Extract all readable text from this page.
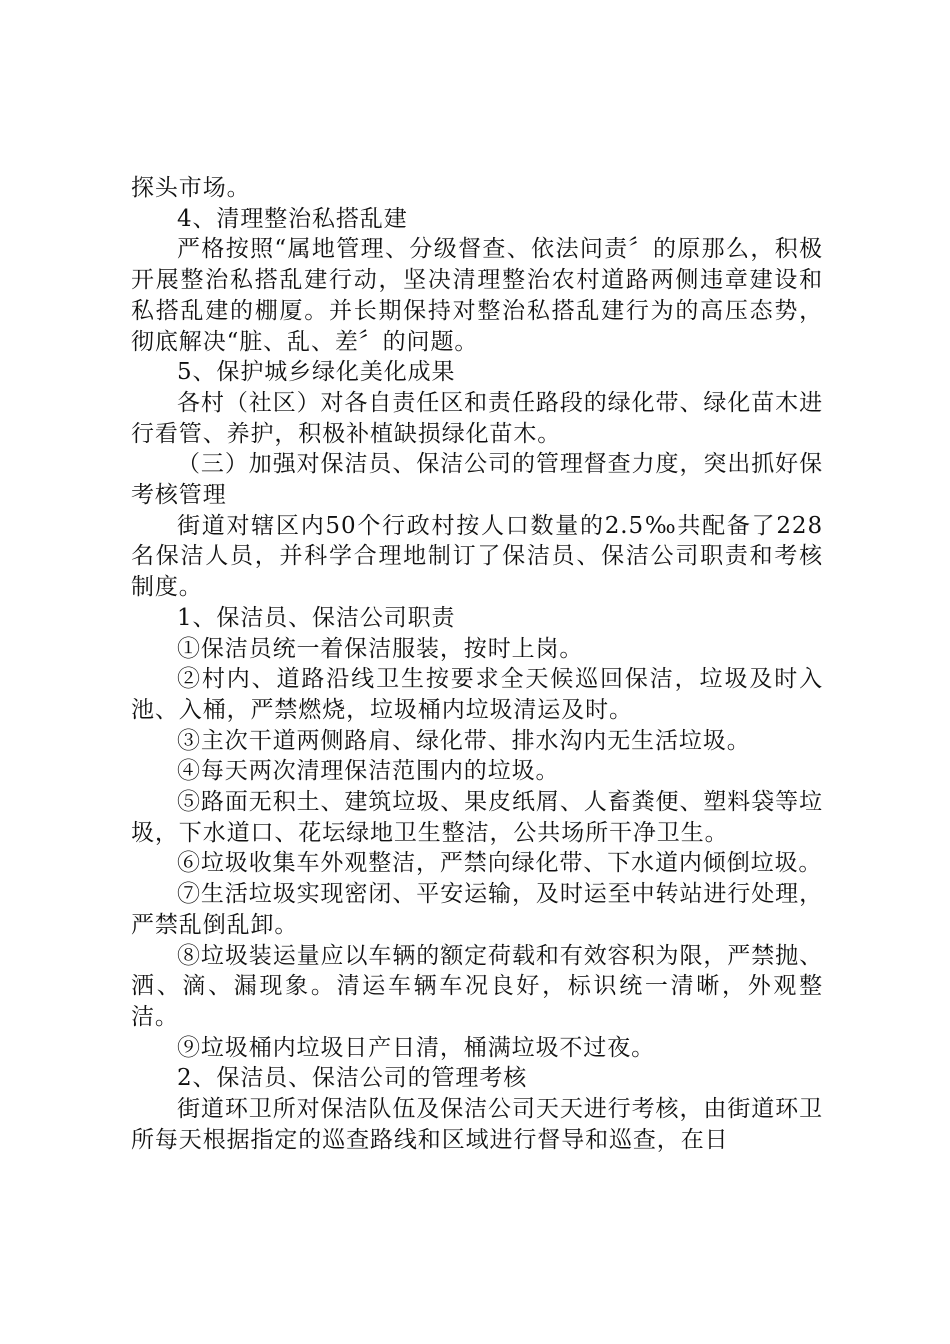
探头市场。

4、清理整治私搭乱建

严格按照“属地管理、分级督查、依法问责〞的原那么，积极开展整治私搭乱建行动，坚决清理整治农村道路两侧违章建设和私搭乱建的棚厦。并长期保持对整治私搭乱建行为的高压态势，彻底解决“脏、乱、差〞的问题。

5、保护城乡绿化美化成果

各村（社区）对各自责任区和责任路段的绿化带、绿化苗木进行看管、养护，积极补植缺损绿化苗木。

（三）加强对保洁员、保洁公司的管理督查力度，突出抓好保考核管理

街道对辖区内50个行政村按人口数量的2.5‰共配备了228名保洁人员，并科学合理地制订了保洁员、保洁公司职责和考核制度。

1、保洁员、保洁公司职责

①保洁员统一着保洁服装，按时上岗。

②村内、道路沿线卫生按要求全天候巡回保洁，垃圾及时入池、入桶，严禁燃烧，垃圾桶内垃圾清运及时。

③主次干道两侧路肩、绿化带、排水沟内无生活垃圾。

④每天两次清理保洁范围内的垃圾。

⑤路面无积土、建筑垃圾、果皮纸屑、人畜粪便、塑料袋等垃圾，下水道口、花坛绿地卫生整洁，公共场所干净卫生。

⑥垃圾收集车外观整洁，严禁向绿化带、下水道内倾倒垃圾。

⑦生活垃圾实现密闭、平安运输，及时运至中转站进行处理，严禁乱倒乱卸。

⑧垃圾装运量应以车辆的额定荷载和有效容积为限，严禁抛、洒、滴、漏现象。清运车辆车况良好，标识统一清晰，外观整洁。

⑨垃圾桶内垃圾日产日清，桶满垃圾不过夜。

2、保洁员、保洁公司的管理考核

街道环卫所对保洁队伍及保洁公司天天进行考核，由街道环卫所每天根据指定的巡查路线和区域进行督导和巡查，在日
